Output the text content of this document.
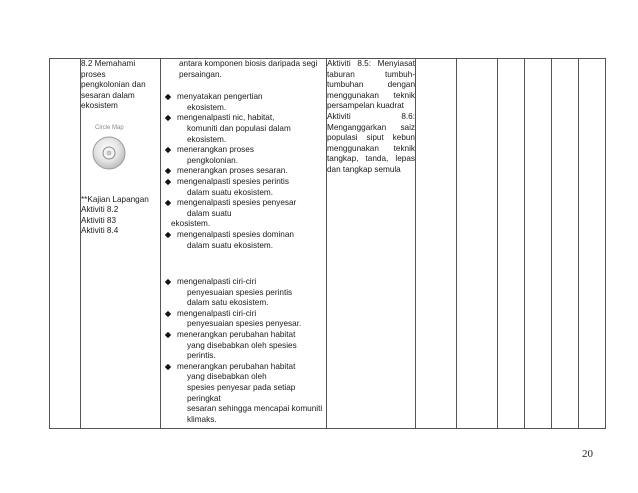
8.2 Memahami
proses
pengkolonian dan
sesaran dalam
ekosistem
Circle Map
**Kajian Lapangan
Aktiviti 8.2
Aktiviti 83
Aktiviti 8.4

antara komponen biosis daripada segi
persaingan.
menyatakan pengertian
ekosistem.
mengenalpasti nic, habitat,
komuniti dan populasi dalam
ekosistem.
menerangkan proses
pengkolonian.
menerangkan proses sesaran.
mengenalpasti spesies perintis
dalam suatu ekosistem.
mengenalpasti spesies penyesar
dalam suatu
ekosistem.
mengenalpasti spesies dominan
dalam suatu ekosistem.
mengenalpasti ciri-ciri
penyesuaian spesies perintis
dalam satu ekosistem.
mengenalpasti ciri-ciri
penyesuaian spesies penyesar.
menerangkan perubahan habitat
yang disebabkan oleh spesies
perintis.
menerangkan perubahan habitat
yang disebabkan oleh
spesies penyesar pada setiap peringkat
sesaran sehingga mencapai komuniti
klimaks.

Aktiviti 8.5: Menyiasat
taburan	tumbuh-
tumbuhan	dengan
menggunakan teknik
persampelan kuadrat
Aktiviti	8.6:
Menganggarkan saiz
populasi siput kebun
menggunakan teknik
tangkap, tanda, lepas
dan tangkap semula

20
